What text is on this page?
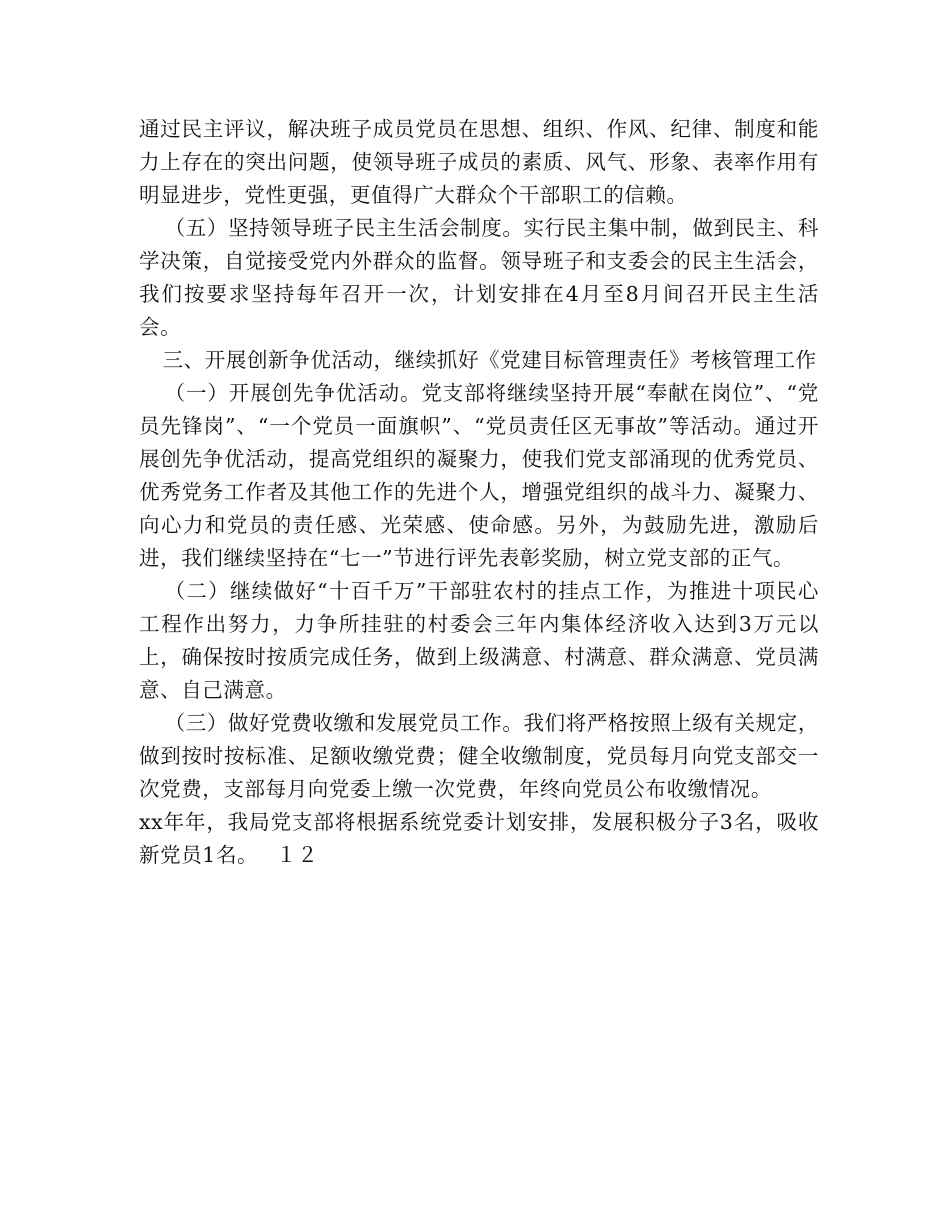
通过民主评议，解决班子成员党员在思想、组织、作风、纪律、制度和能力上存在的突出问题，使领导班子成员的素质、风气、形象、表率作用有明显进步，党性更强，更值得广大群众个干部职工的信赖。

（五）坚持领导班子民主生活会制度。实行民主集中制，做到民主、科学决策，自觉接受党内外群众的监督。领导班子和支委会的民主生活会，我们按要求坚持每年召开一次，计划安排在4月至8月间召开民主生活会。

三、开展创新争优活动，继续抓好《党建目标管理责任》考核管理工作

（一）开展创先争优活动。党支部将继续坚持开展“奉献在岗位”、“党员先锋岗”、“一个党员一面旗帜”、“党员责任区无事故”等活动。通过开展创先争优活动，提高党组织的凝聚力，使我们党支部涌现的优秀党员、优秀党务工作者及其他工作的先进个人，增强党组织的战斗力、凝聚力、向心力和党员的责任感、光荣感、使命感。另外，为鼓励先进，激励后进，我们继续坚持在“七一”节进行评先表彰奖励，树立党支部的正气。

（二）继续做好“十百千万”干部驻农村的挂点工作，为推进十项民心工程作出努力，力争所挂驻的村委会三年内集体经济收入达到3万元以上，确保按时按质完成任务，做到上级满意、村满意、群众满意、党员满意、自己满意。

（三）做好党费收缴和发展党员工作。我们将严格按照上级有关规定，做到按时按标准、足额收缴党费；健全收缴制度，党员每月向党支部交一次党费，支部每月向党委上缴一次党费，年终向党员公布收缴情况。

xx年年，我局党支部将根据系统党委计划安排，发展积极分子3名，吸收新党员1名。 １２
